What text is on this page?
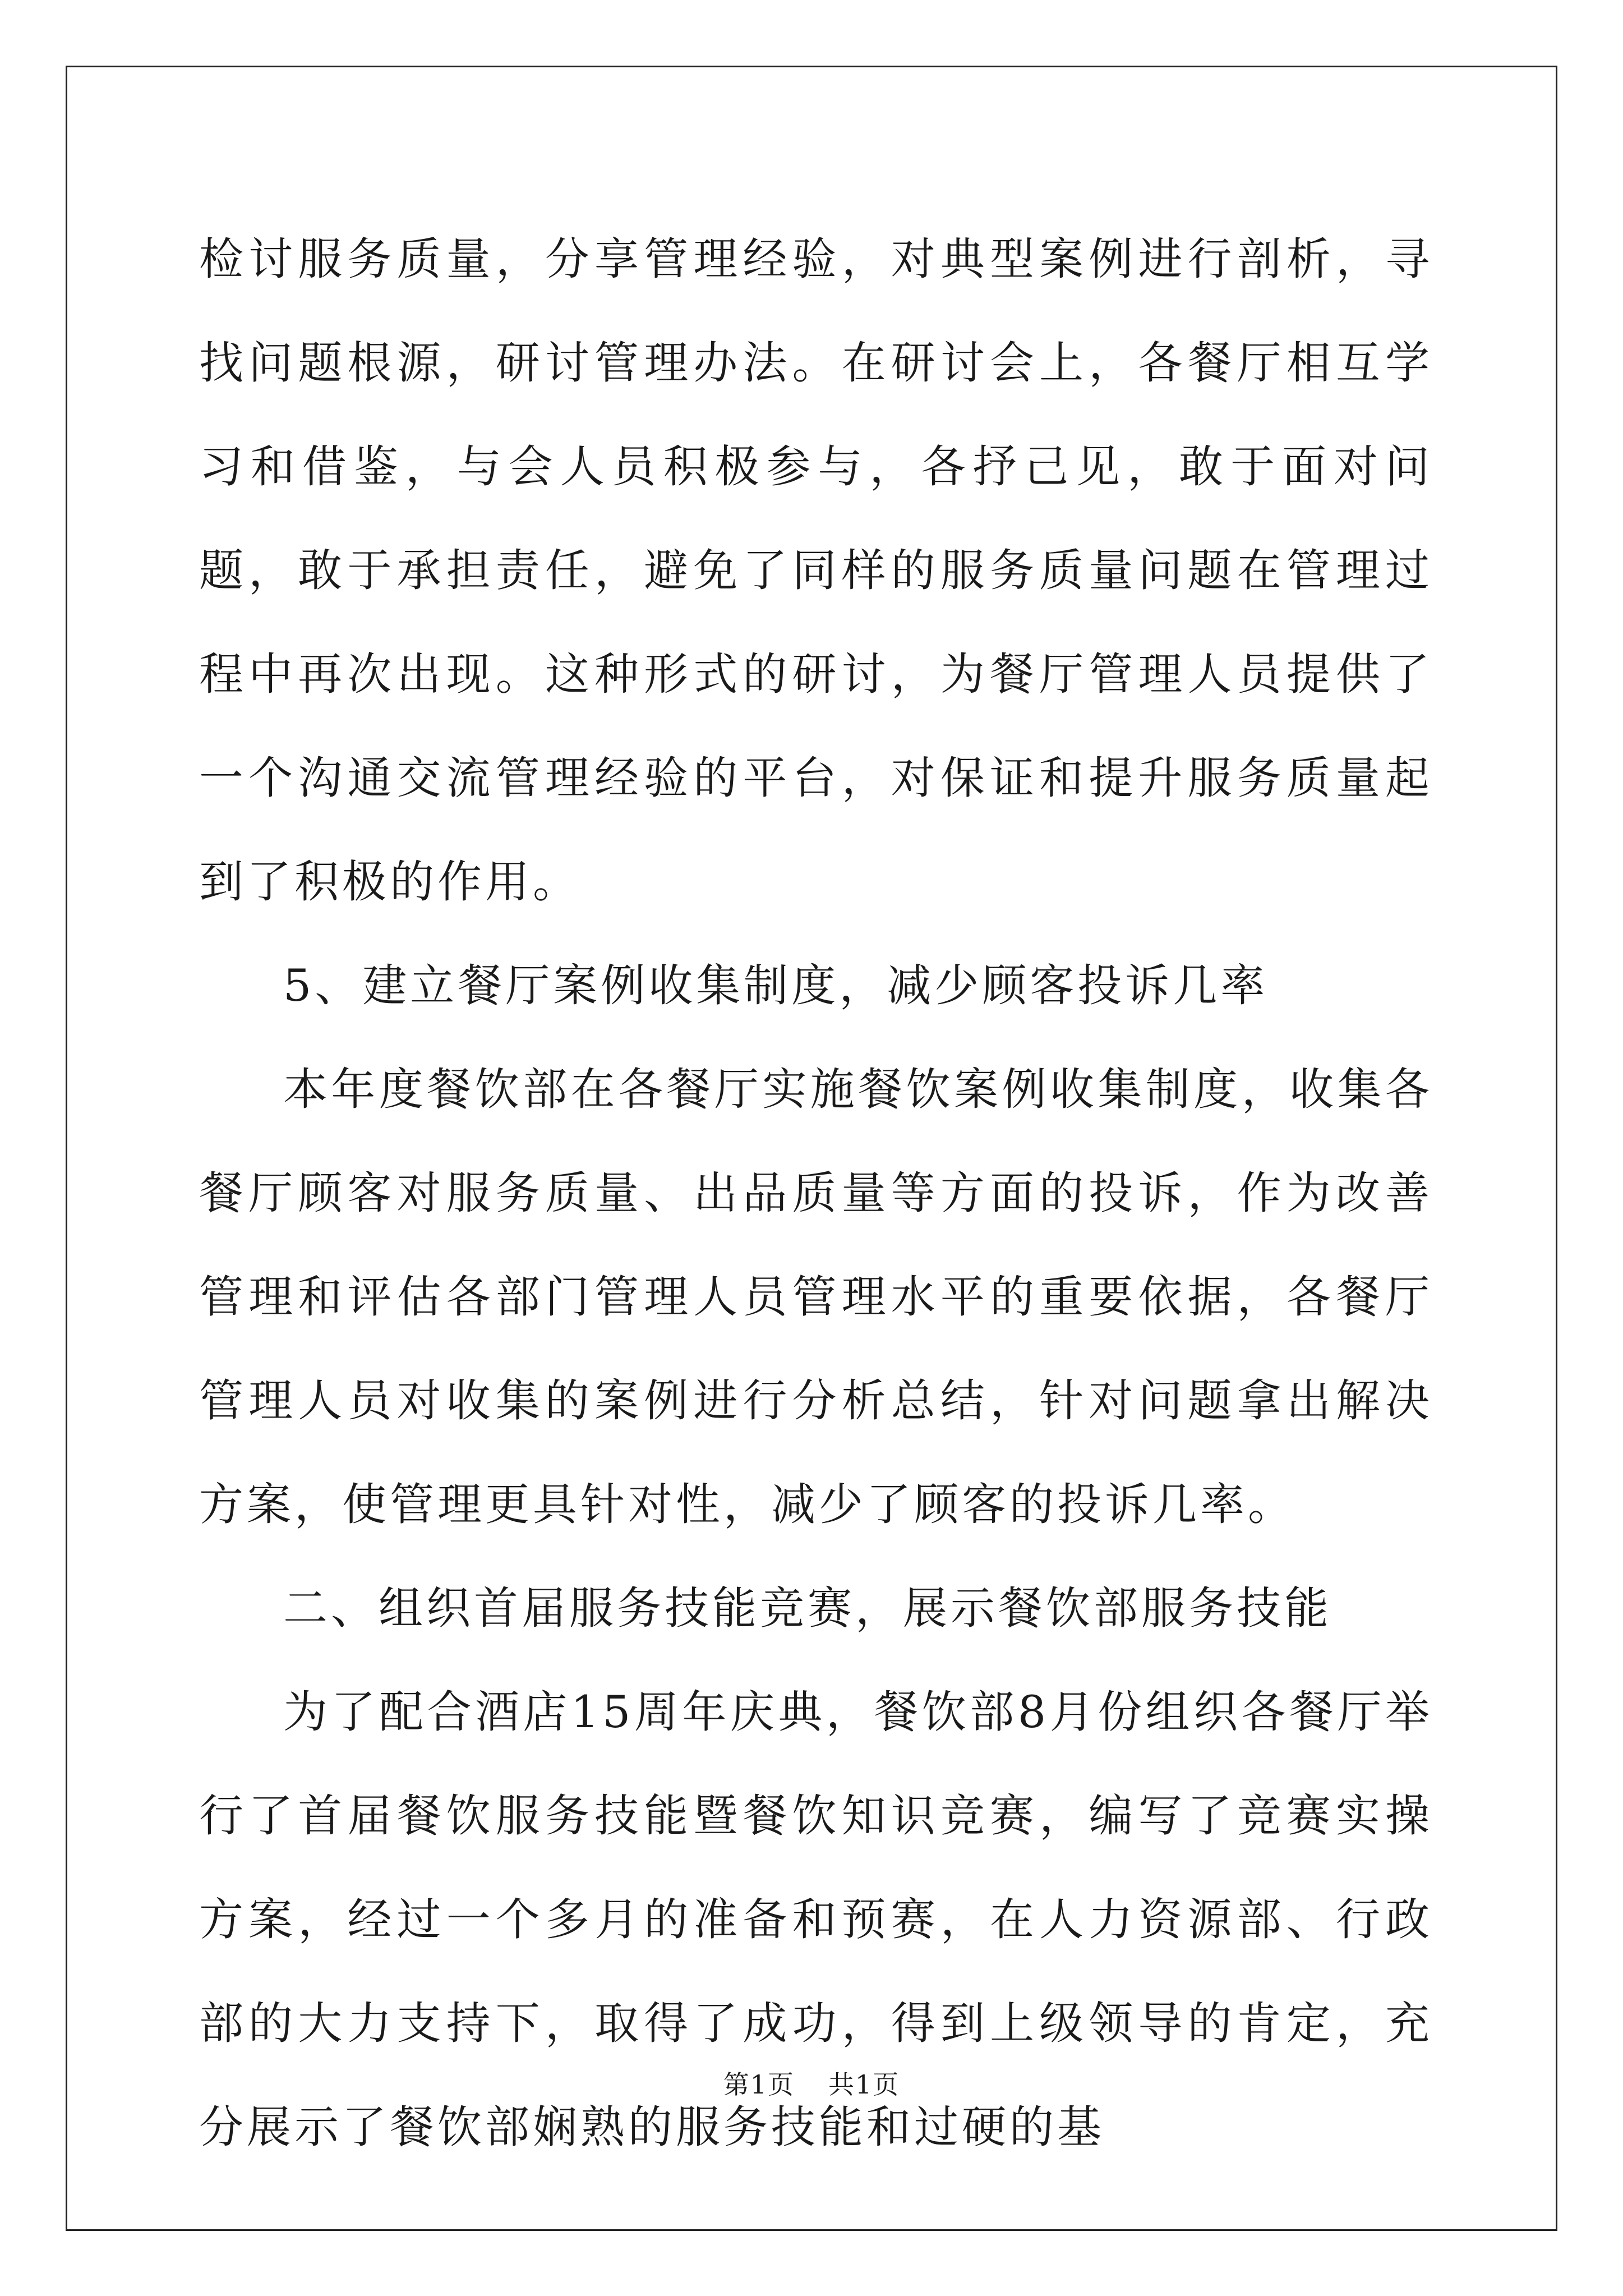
检讨服务质量，分享管理经验，对典型案例进行剖析，寻找问题根源，研讨管理办法。在研讨会上，各餐厅相互学习和借鉴，与会人员积极参与，各抒己见，敢于面对问题，敢于承担责任，避免了同样的服务质量问题在管理过程中再次出现。这种形式的研讨，为餐厅管理人员提供了一个沟通交流管理经验的平台，对保证和提升服务质量起到了积极的作用。

5、建立餐厅案例收集制度，减少顾客投诉几率

本年度餐饮部在各餐厅实施餐饮案例收集制度，收集各餐厅顾客对服务质量、出品质量等方面的投诉，作为改善管理和评估各部门管理人员管理水平的重要依据，各餐厅管理人员对收集的案例进行分析总结，针对问题拿出解决方案，使管理更具针对性，减少了顾客的投诉几率。

二、组织首届服务技能竞赛，展示餐饮部服务技能

为了配合酒店15周年庆典，餐饮部8月份组织各餐厅举行了首届餐饮服务技能暨餐饮知识竞赛，编写了竞赛实操方案，经过一个多月的准备和预赛，在人力资源部、行政部的大力支持下，取得了成功，得到上级领导的肯定，充分展示了餐饮部娴熟的服务技能和过硬的基

第1页 共1页
